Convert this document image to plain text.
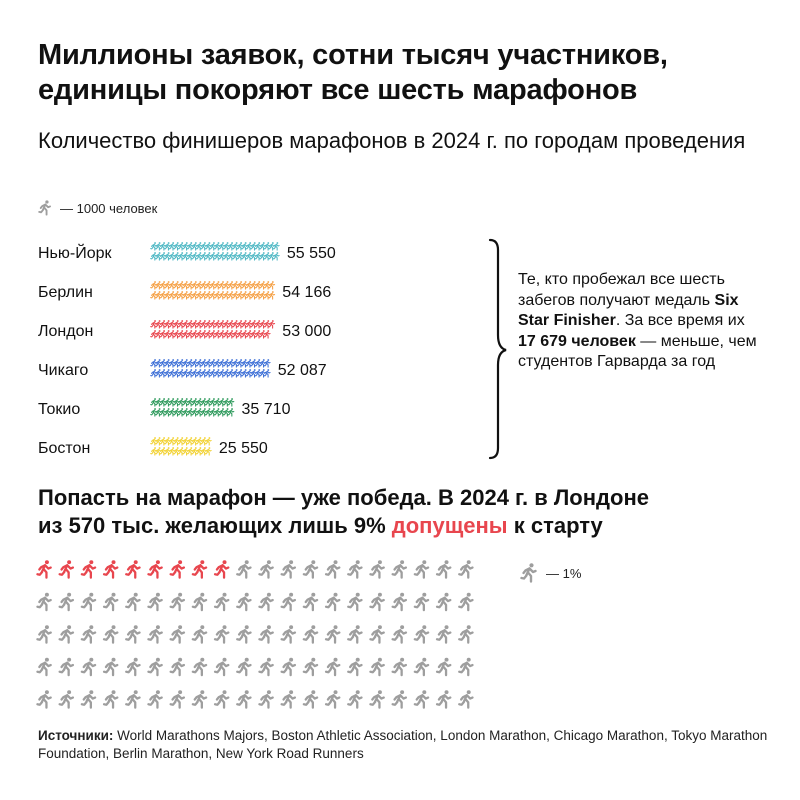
Миллионы заявок, сотни тысяч участников,
единицы покоряют все шесть марафонов
Количество финишеров марафонов в 2024 г. по городам проведения
— 1000 человек
Нью-Йорк	55 550
Берлин	54 166
Лондон	53 000
Чикаго	52 087
Токио	35 710
Бостон	25 550
Те, кто пробежал все шесть забегов получают медаль Six Star Finisher. За все время их 17 679 человек — меньше, чем студентов Гарварда за год
Попаcть на марафон — уже победа. В 2024 г. в Лондоне
из 570 тыс. желающих лишь 9% допущены к старту
— 1%
Источники: World Marathons Majors, Boston Athletic Association, London Marathon, Chicago Marathon, Tokyo Marathon Foundation, Berlin Marathon, New York Road Runners
